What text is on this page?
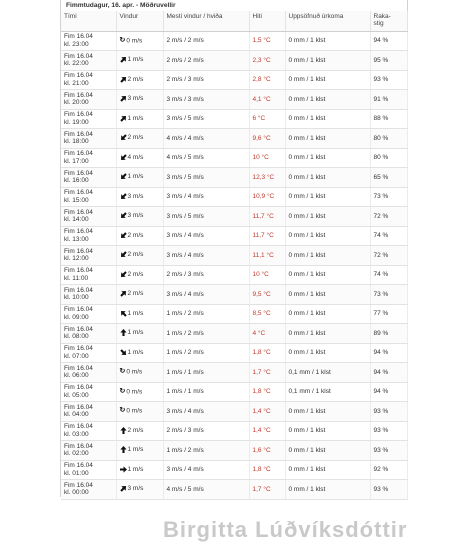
Fimmtudagur, 16. apr. - Möðruvellir
Tími	Vindur	Mesti vindur / hviða	Hiti	Uppsöfnuð úrkoma	Raka-
stig
Fim 16.04
kl. 23:00	↻0 m/s	2 m/s / 2 m/s	1,5 °C	0 mm / 1 klst	94 %
Fim 16.04
kl. 22:00	1 m/s	2 m/s / 2 m/s	2,3 °C	0 mm / 1 klst	95 %
Fim 16.04
kl. 21:00	2 m/s	2 m/s / 3 m/s	2,8 °C	0 mm / 1 klst	93 %
Fim 16.04
kl. 20:00	3 m/s	3 m/s / 3 m/s	4,1 °C	0 mm / 1 klst	91 %
Fim 16.04
kl. 19:00	1 m/s	3 m/s / 5 m/s	6 °C	0 mm / 1 klst	88 %
Fim 16.04
kl. 18:00	2 m/s	4 m/s / 4 m/s	9,6 °C	0 mm / 1 klst	80 %
Fim 16.04
kl. 17:00	4 m/s	4 m/s / 5 m/s	10 °C	0 mm / 1 klst	80 %
Fim 16.04
kl. 16:00	1 m/s	3 m/s / 5 m/s	12,3 °C	0 mm / 1 klst	65 %
Fim 16.04
kl. 15:00	3 m/s	3 m/s / 4 m/s	10,9 °C	0 mm / 1 klst	73 %
Fim 16.04
kl. 14:00	3 m/s	3 m/s / 5 m/s	11,7 °C	0 mm / 1 klst	72 %
Fim 16.04
kl. 13:00	2 m/s	3 m/s / 4 m/s	11,7 °C	0 mm / 1 klst	74 %
Fim 16.04
kl. 12:00	2 m/s	3 m/s / 4 m/s	11,1 °C	0 mm / 1 klst	72 %
Fim 16.04
kl. 11:00	2 m/s	2 m/s / 3 m/s	10 °C	0 mm / 1 klst	74 %
Fim 16.04
kl. 10:00	2 m/s	3 m/s / 4 m/s	9,5 °C	0 mm / 1 klst	73 %
Fim 16.04
kl. 09:00	1 m/s	1 m/s / 2 m/s	8,5 °C	0 mm / 1 klst	77 %
Fim 16.04
kl. 08:00	1 m/s	1 m/s / 2 m/s	4 °C	0 mm / 1 klst	89 %
Fim 16.04
kl. 07:00	1 m/s	1 m/s / 2 m/s	1,8 °C	0 mm / 1 klst	94 %
Fim 16.04
kl. 06:00	↻0 m/s	1 m/s / 1 m/s	1,7 °C	0,1 mm / 1 klst	94 %
Fim 16.04
kl. 05:00	↻0 m/s	1 m/s / 1 m/s	1,8 °C	0,1 mm / 1 klst	94 %
Fim 16.04
kl. 04:00	↻0 m/s	3 m/s / 4 m/s	1,4 °C	0 mm / 1 klst	93 %
Fim 16.04
kl. 03:00	2 m/s	2 m/s / 3 m/s	1,4 °C	0 mm / 1 klst	93 %
Fim 16.04
kl. 02:00	1 m/s	1 m/s / 2 m/s	1,6 °C	0 mm / 1 klst	93 %
Fim 16.04
kl. 01:00	1 m/s	3 m/s / 4 m/s	1,8 °C	0 mm / 1 klst	92 %
Fim 16.04
kl. 00:00	3 m/s	4 m/s / 5 m/s	1,7 °C	0 mm / 1 klst	93 %
Birgitta Lúðvíksdóttir
